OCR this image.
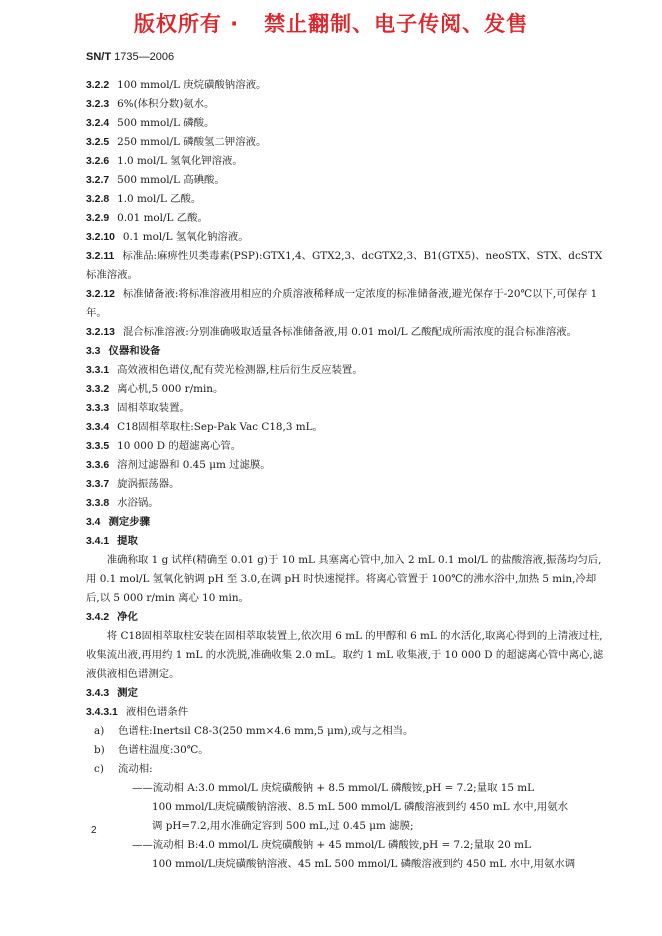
版权所有 ·   禁止翻制、电子传阅、发售
SN/T 1735—2006

3.2.2 100 mmol/L 庚烷磺酸钠溶液。

3.2.3 6%(体积分数)氨水。

3.2.4 500 mmol/L 磷酸。

3.2.5 250 mmol/L 磷酸氢二钾溶液。

3.2.6 1.0 mol/L 氢氧化钾溶液。

3.2.7 500 mmol/L 高碘酸。

3.2.8 1.0 mol/L 乙酸。

3.2.9 0.01 mol/L 乙酸。

3.2.10 0.1 mol/L 氢氧化钠溶液。

3.2.11 标准品:麻痹性贝类毒素(PSP):GTX1,4、GTX2,3、dcGTX2,3、B1(GTX5)、neoSTX、STX、dcSTX 标准溶液。

3.2.12 标准储备液:将标准溶液用相应的介质溶液稀释成一定浓度的标准储备液,避光保存于-20℃以下,可保存 1 年。

3.2.13 混合标准溶液:分别准确吸取适量各标准储备液,用 0.01 mol/L 乙酸配成所需浓度的混合标准溶液。

3.3 仪器和设备

3.3.1 高效液相色谱仪,配有荧光检测器,柱后衍生反应装置。

3.3.2 离心机,5 000 r/min。

3.3.3 固相萃取装置。

3.3.4 C18固相萃取柱:Sep-Pak Vac C18,3 mL。

3.3.5 10 000 D 的超滤离心管。

3.3.6 溶剂过滤器和 0.45 μm 过滤膜。

3.3.7 旋涡振荡器。

3.3.8 水浴锅。

3.4 测定步骤

3.4.1 提取

准确称取 1 g 试样(精确至 0.01 g)于 10 mL 具塞离心管中,加入 2 mL 0.1 mol/L 的盐酸溶液,振荡均匀后,用 0.1 mol/L 氢氧化钠调 pH 至 3.0,在调 pH 时快速搅拌。将离心管置于 100℃的沸水浴中,加热 5 min,冷却后,以 5 000 r/min 离心 10 min。

3.4.2 净化

将 C18固相萃取柱安装在固相萃取装置上,依次用 6 mL 的甲醇和 6 mL 的水活化,取离心得到的上清液过柱,收集流出液,再用约 1 mL 的水洗脱,准确收集 2.0 mL。取约 1 mL 收集液,于 10 000 D 的超滤离心管中离心,滤液供液相色谱测定。

3.4.3 测定

3.4.3.1 液相色谱条件

a) 色谱柱:Inertsil C8-3(250 mm×4.6 mm,5 μm),或与之相当。

b) 色谱柱温度:30℃。

c) 流动相:

——流动相 A:3.0 mmol/L 庚烷磺酸钠 + 8.5 mmol/L 磷酸铵,pH = 7.2;量取 15 mL

100 mmol/L庚烷磺酸钠溶液、8.5 mL 500 mmol/L 磷酸溶液到约 450 mL 水中,用氨水

调 pH=7.2,用水准确定容到 500 mL,过 0.45 μm 滤膜;

——流动相 B:4.0 mmol/L 庚烷磺酸钠 + 45 mmol/L 磷酸铵,pH = 7.2;量取 20 mL

100 mmol/L庚烷磺酸钠溶液、45 mL 500 mmol/L 磷酸溶液到约 450 mL 水中,用氨水调

2
